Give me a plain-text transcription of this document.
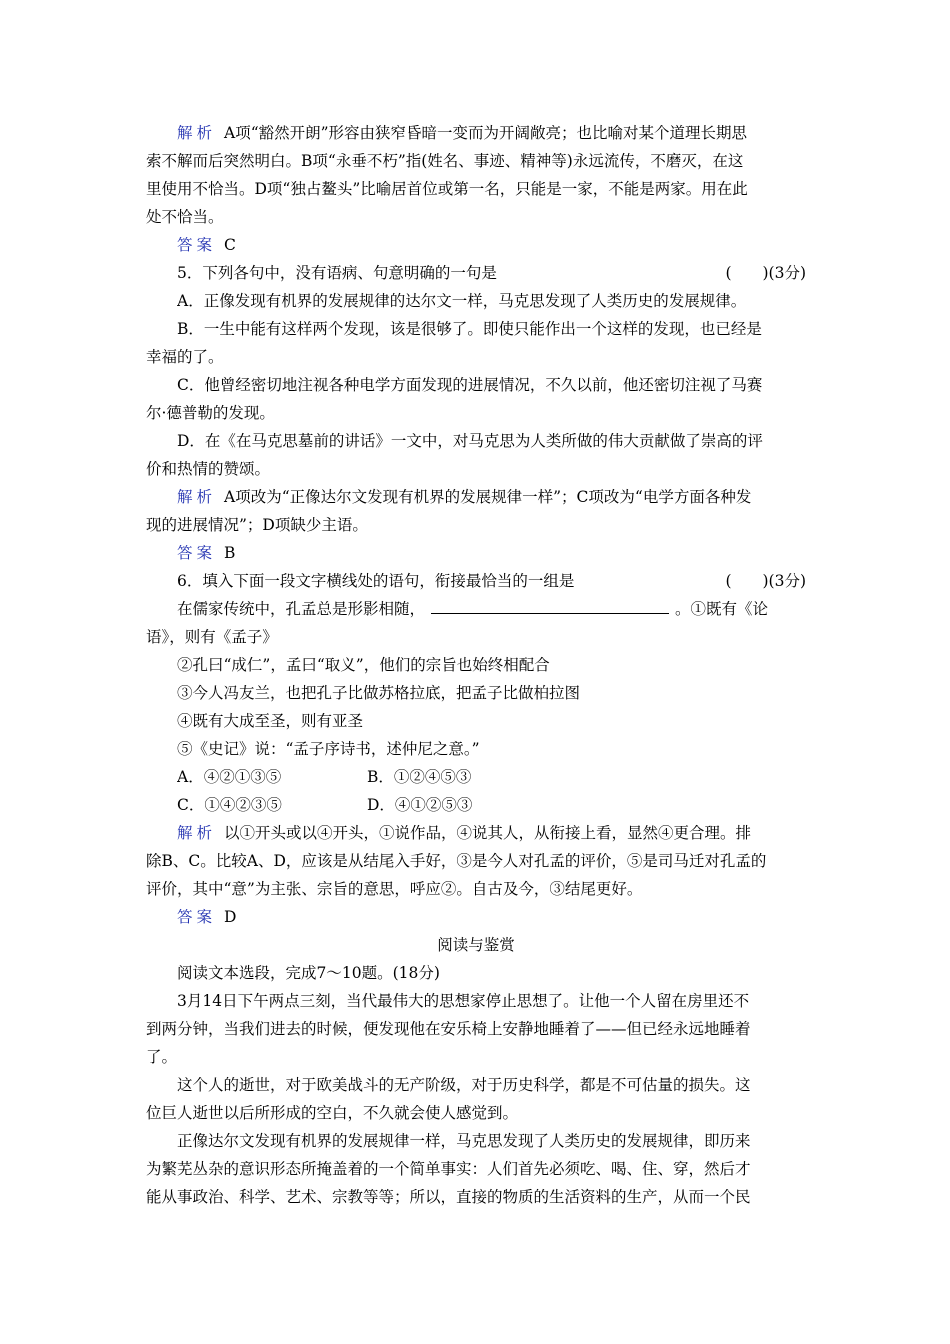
解析 A项“豁然开朗”形容由狭窄昏暗一变而为开阔敞亮；也比喻对某个道理长期思
索不解而后突然明白。B项“永垂不朽”指(姓名、事迹、精神等)永远流传，不磨灭，在这
里使用不恰当。D项“独占鳌头”比喻居首位或第一名，只能是一家，不能是两家。用在此
处不恰当。
答案 C
5．下列各句中，没有语病、句意明确的一句是	(　　)(3分)
A．正像发现有机界的发展规律的达尔文一样，马克思发现了人类历史的发展规律。
B．一生中能有这样两个发现，该是很够了。即使只能作出一个这样的发现，也已经是
幸福的了。
C．他曾经密切地注视各种电学方面发现的进展情况，不久以前，他还密切注视了马赛
尔·德普勒的发现。
D．在《在马克思墓前的讲话》一文中，对马克思为人类所做的伟大贡献做了崇高的评
价和热情的赞颂。
解析 A项改为“正像达尔文发现有机界的发展规律一样”；C项改为“电学方面各种发
现的进展情况”；D项缺少主语。
答案 B
6．填入下面一段文字横线处的语句，衔接最恰当的一组是	(　　)(3分)
在儒家传统中，孔孟总是形影相随，	。①既有《论
语》，则有《孟子》
②孔曰“成仁”，孟曰“取义”，他们的宗旨也始终相配合
③今人冯友兰，也把孔子比做苏格拉底，把孟子比做柏拉图
④既有大成至圣，则有亚圣
⑤《史记》说：“孟子序诗书，述仲尼之意。”
A．④②①③⑤	B．①②④⑤③
C．①④②③⑤	D．④①②⑤③
解析 以①开头或以④开头，①说作品，④说其人，从衔接上看，显然④更合理。排
除B、C。比较A、D，应该是从结尾入手好，③是今人对孔孟的评价，⑤是司马迁对孔孟的
评价，其中“意”为主张、宗旨的意思，呼应②。自古及今，③结尾更好。
答案 D
阅读与鉴赏
阅读文本选段，完成7～10题。(18分)
3月14日下午两点三刻，当代最伟大的思想家停止思想了。让他一个人留在房里还不
到两分钟，当我们进去的时候，便发现他在安乐椅上安静地睡着了——但已经永远地睡着
了。
这个人的逝世，对于欧美战斗的无产阶级，对于历史科学，都是不可估量的损失。这
位巨人逝世以后所形成的空白，不久就会使人感觉到。
正像达尔文发现有机界的发展规律一样，马克思发现了人类历史的发展规律，即历来
为繁芜丛杂的意识形态所掩盖着的一个简单事实：人们首先必须吃、喝、住、穿，然后才
能从事政治、科学、艺术、宗教等等；所以，直接的物质的生活资料的生产，从而一个民
